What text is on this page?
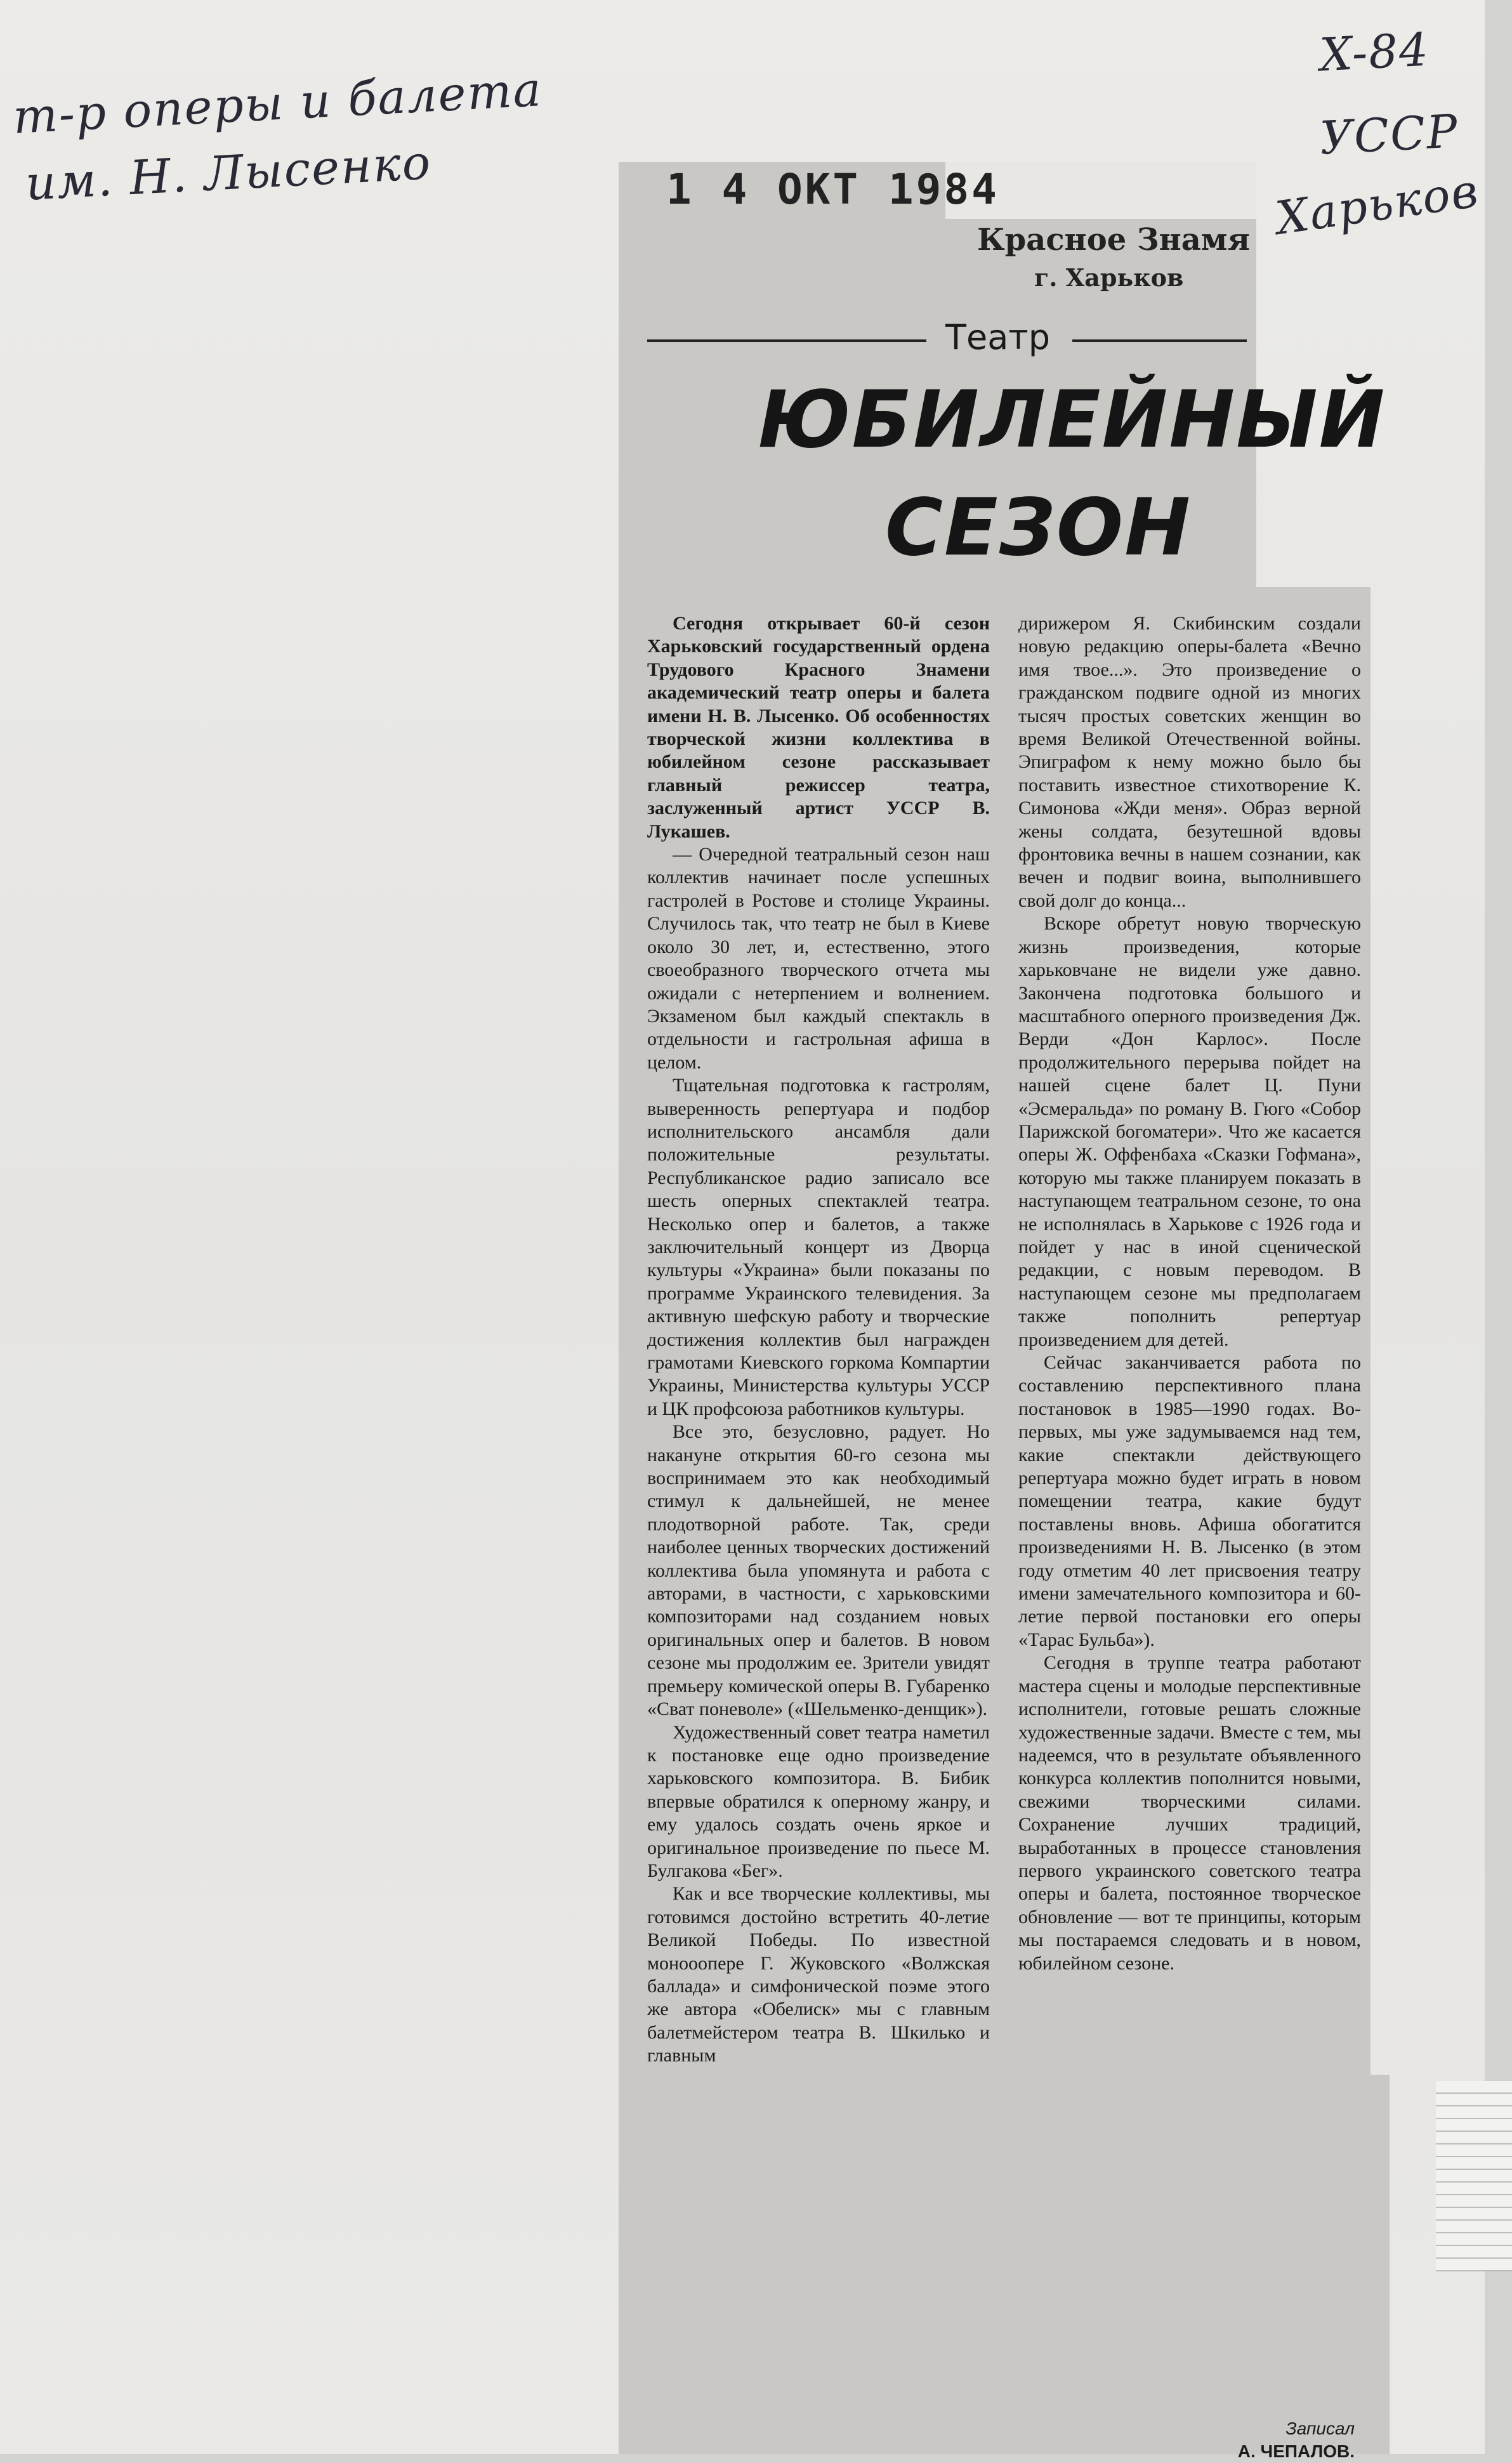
т-р оперы и балета
им. Н. Лысенко
X-84
УССР
Харьков
1 4 ОКТ 1984
Красное Знамя
г. Харьков
Театр
ЮБИЛЕЙНЫЙ
СЕЗОН

Сегодня открывает 60-й сезон Харьковский государственный ордена Трудового Красного Знамени академический театр оперы и балета имени Н. В. Лысенко. Об особенностях творческой жизни коллектива в юбилейном сезоне рассказывает главный режиссер театра, заслуженный артист УССР В. Лукашев.

— Очередной театральный сезон наш коллектив начинает после успешных гастролей в Ростове и столице Украины. Случилось так, что театр не был в Киеве около 30 лет, и, естественно, этого своеобразного творческого отчета мы ожидали с нетерпением и волнением. Экзаменом был каждый спектакль в отдельности и гастрольная афиша в целом.

Тщательная подготовка к гастролям, выверенность репертуара и подбор исполнительского ансамбля дали положительные результаты. Республиканское радио записало все шесть оперных спектаклей театра. Несколько опер и балетов, а также заключительный концерт из Дворца культуры «Украина» были показаны по программе Украинского телевидения. За активную шефскую работу и творческие достижения коллектив был награжден грамотами Киевского горкома Компартии Украины, Министерства культуры УССР и ЦК профсоюза работников культуры.

Все это, безусловно, радует. Но накануне открытия 60-го сезона мы воспринимаем это как необходимый стимул к дальнейшей, не менее плодотворной работе. Так, среди наиболее ценных творческих достижений коллектива была упомянута и работа с авторами, в частности, с харьковскими композиторами над созданием новых оригинальных опер и балетов. В новом сезоне мы продолжим ее. Зрители увидят премьеру комической оперы В. Губаренко «Сват поневоле» («Шельменко-денщик»).

Художественный совет театра наметил к постановке еще одно произведение харьковского композитора. В. Бибик впервые обратился к оперному жанру, и ему удалось создать очень яркое и оригинальное произведение по пьесе М. Булгакова «Бег».

Как и все творческие коллективы, мы готовимся достойно встретить 40-летие Великой Победы. По известной монооопере Г. Жуковского «Волжская баллада» и симфонической поэме этого же автора «Обелиск» мы с главным балетмейстером театра В. Шкилько и главным

дирижером Я. Скибинским создали новую редакцию оперы-балета «Вечно имя твое...». Это произведение о гражданском подвиге одной из многих тысяч простых советских женщин во время Великой Отечественной войны. Эпиграфом к нему можно было бы поставить известное стихотворение К. Симонова «Жди меня». Образ верной жены солдата, безутешной вдовы фронтовика вечны в нашем сознании, как вечен и подвиг воина, выполнившего свой долг до конца...

Вскоре обретут новую творческую жизнь произведения, которые харьковчане не видели уже давно. Закончена подготовка большого и масштабного оперного произведения Дж. Верди «Дон Карлос». После продолжительного перерыва пойдет на нашей сцене балет Ц. Пуни «Эсмеральда» по роману В. Гюго «Собор Парижской богоматери». Что же касается оперы Ж. Оффенбаха «Сказки Гофмана», которую мы также планируем показать в наступающем театральном сезоне, то она не исполнялась в Харькове с 1926 года и пойдет у нас в иной сценической редакции, с новым переводом. В наступающем сезоне мы предполагаем также пополнить репертуар произведением для детей.

Сейчас заканчивается работа по составлению перспективного плана постановок в 1985—1990 годах. Во-первых, мы уже задумываемся над тем, какие спектакли действующего репертуара можно будет играть в новом помещении театра, какие будут поставлены вновь. Афиша обогатится произведениями Н. В. Лысенко (в этом году отметим 40 лет присвоения театру имени замечательного композитора и 60-летие первой постановки его оперы «Тарас Бульба»).

Сегодня в труппе театра работают мастера сцены и молодые перспективные исполнители, готовые решать сложные художественные задачи. Вместе с тем, мы надеемся, что в результате объявленного конкурса коллектив пополнится новыми, свежими творческими силами. Сохранение лучших традиций, выработанных в процессе становления первого украинского советского театра оперы и балета, постоянное творческое обновление — вот те принципы, которым мы постараемся следовать и в новом, юбилейном сезоне.

Записал
А. ЧЕПАЛОВ.
